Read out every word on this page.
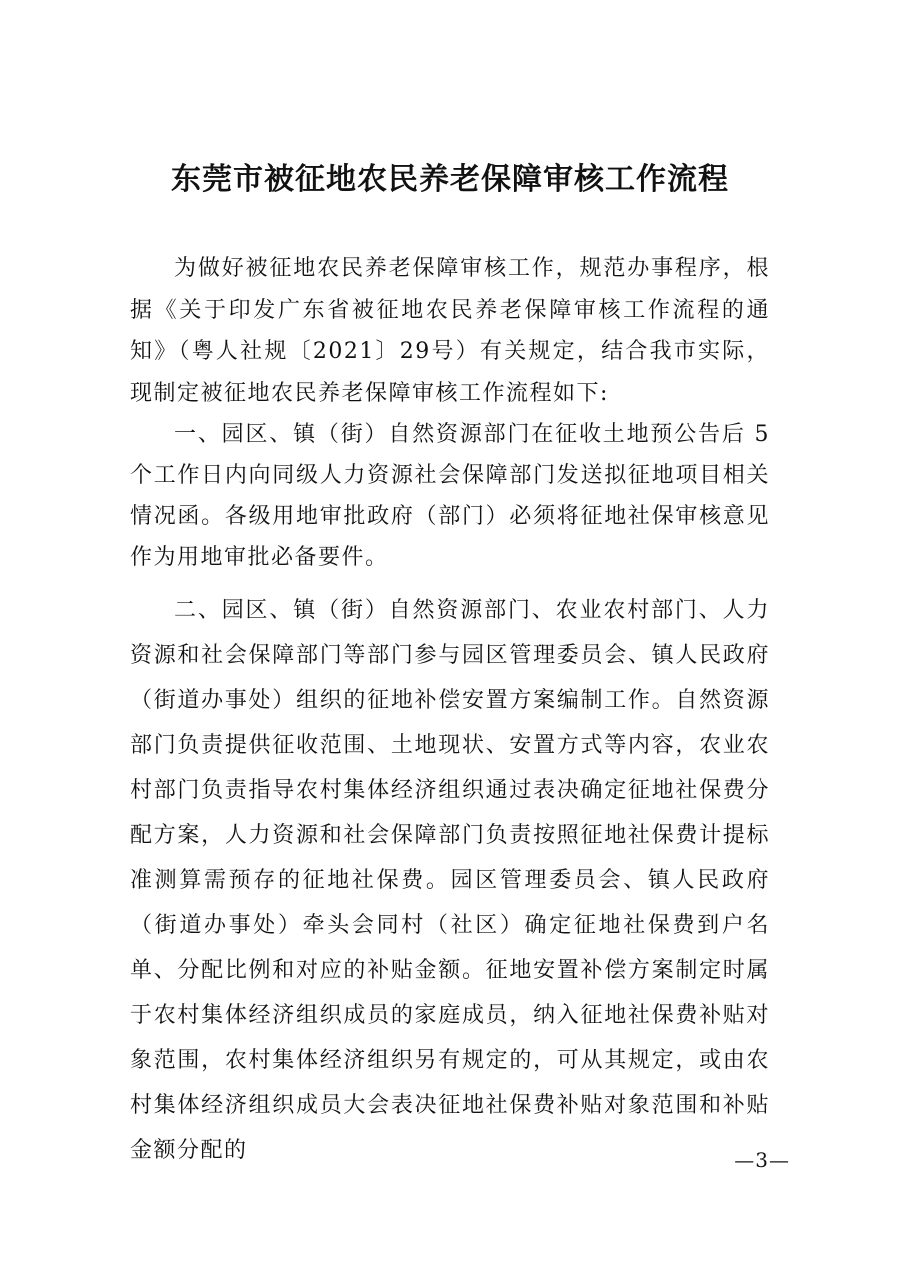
东莞市被征地农民养老保障审核工作流程

为做好被征地农民养老保障审核工作，规范办事程序，根据《关于印发广东省被征地农民养老保障审核工作流程的通知》（粤人社规〔2021〕29号）有关规定，结合我市实际，现制定被征地农民养老保障审核工作流程如下:

一、园区、镇（街）自然资源部门在征收土地预公告后 5 个工作日内向同级人力资源社会保障部门发送拟征地项目相关情况函。各级用地审批政府（部门）必须将征地社保审核意见作为用地审批必备要件。

二、园区、镇（街）自然资源部门、农业农村部门、人力资源和社会保障部门等部门参与园区管理委员会、镇人民政府（街道办事处）组织的征地补偿安置方案编制工作。自然资源部门负责提供征收范围、土地现状、安置方式等内容，农业农村部门负责指导农村集体经济组织通过表决确定征地社保费分配方案，人力资源和社会保障部门负责按照征地社保费计提标准测算需预存的征地社保费。园区管理委员会、镇人民政府（街道办事处）牵头会同村（社区）确定征地社保费到户名单、分配比例和对应的补贴金额。征地安置补偿方案制定时属于农村集体经济组织成员的家庭成员，纳入征地社保费补贴对象范围，农村集体经济组织另有规定的，可从其规定，或由农村集体经济组织成员大会表决征地社保费补贴对象范围和补贴金额分配的	—3—
